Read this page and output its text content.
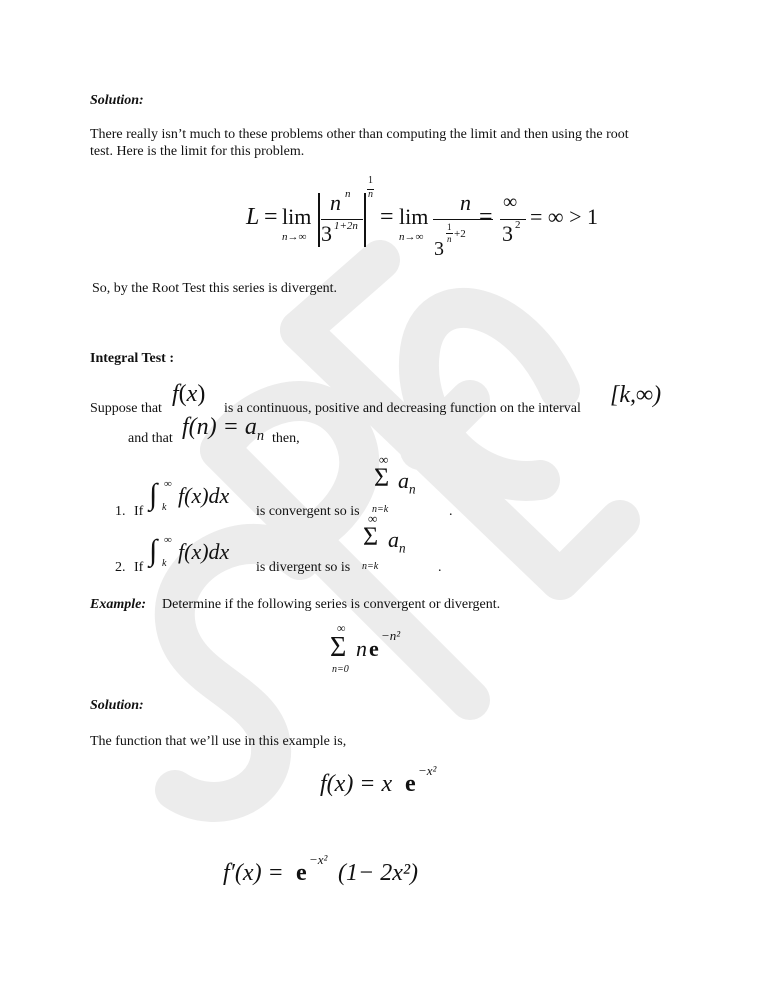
Solution:
There really isn’t much to these problems other than computing the limit and then using the root
test. Here is the limit for this problem.
L = lim
n→∞
n n
3 1+2n
1
n
= lim
n→∞
n
3
1
n +2
=
∞
3 2 = ∞ > 1
So, by the Root Test this series is divergent.
Integral Test :
Suppose that
f(x)
is a continuous, positive and decreasing function on the interval
[k,∞)
and that $f(n) = a_n$ then,
1. If
∫ ∞
k f(x)dx
is convergent so is
∞
Σ $a_n$
n=k	.
2. If
∫ ∞
k f(x)dx
is divergent so is
∞
Σ $a_n$
n=k	.
Example: Determine if the following series is convergent or divergent.
∞
Σ n e
−n²
n=0
Solution:
The function that we’ll use in this example is,
f(x) = x e
−x²
f′(x) = e
−x²
(1− 2x²)
